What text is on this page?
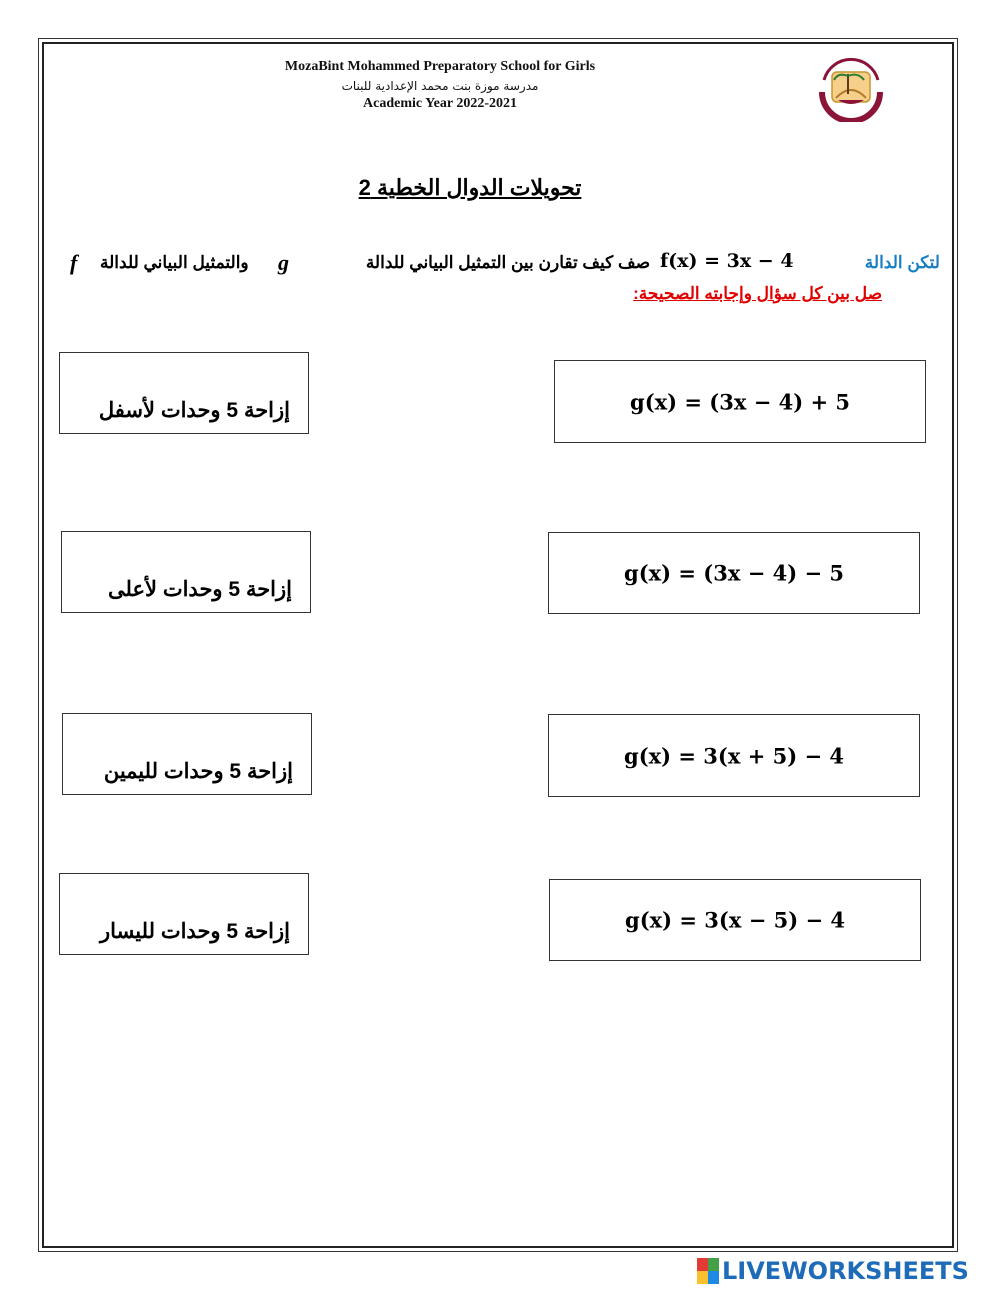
MozaBint Mohammed Preparatory School for Girls
مدرسة موزة بنت محمد الإعدادية للبنات
Academic Year 2022-2021
تحويلات الدوال الخطية 2
لتكن الدالة
f(x) = 3x − 4
صف كيف تقارن بين التمثيل البياني للدالة
g
والتمثيل البياني للدالة
f
صل بين كل سؤال وإجابته الصحيحة:
إزاحة 5 وحدات لأسفل
إزاحة 5 وحدات لأعلى
إزاحة 5 وحدات لليمين
إزاحة 5 وحدات لليسار
g(x) = (3x − 4) + 5
g(x) = (3x − 4) − 5
g(x) = 3(x + 5) − 4
g(x) = 3(x − 5) − 4
LIVEWORKSHEETS
